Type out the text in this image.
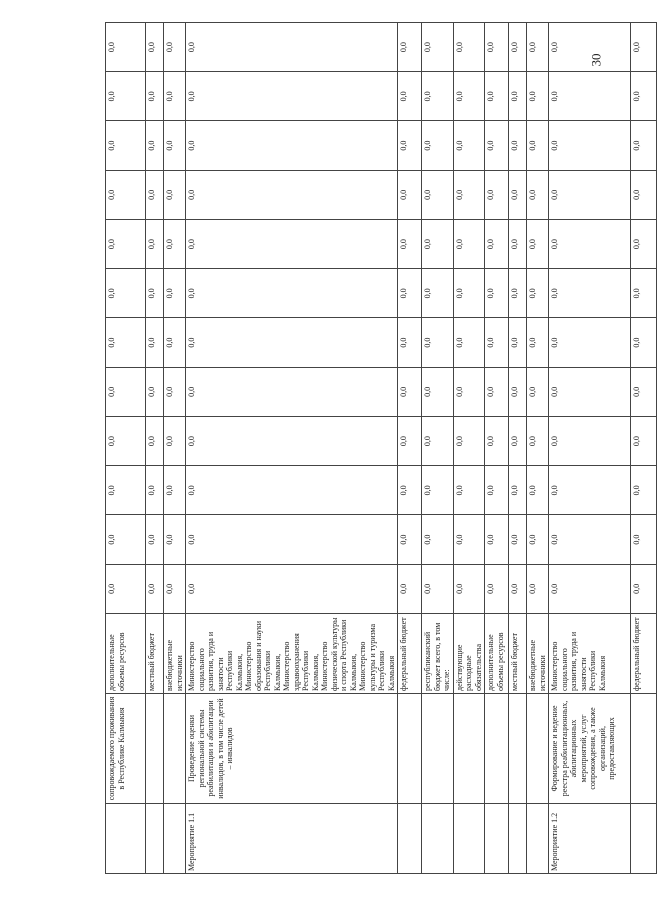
30
	сопровождаемого проживания в Республике Калмыкия	дополнительные объемы ресурсов	0,0	0,0	0,0	0,0	0,0	0,0	0,0	0,0	0,0	0,0	0,0	0,0
		местный бюджет	0,0	0,0	0,0	0,0	0,0	0,0	0,0	0,0	0,0	0,0	0,0	0,0
		внебюджетные источники	0,0	0,0	0,0	0,0	0,0	0,0	0,0	0,0	0,0	0,0	0,0	0,0
Мероприятие 1.1	Проведение оценки региональной системы реабилитации и абилитации инвалидов, в том числе детей – инвалидов	Министерство социального развития, труда и занятости Республики Калмыкия, Министерство образования и науки Республики Калмыкия, Министерство здравоохранения Республики Калмыкия, Министерство физической культуры и спорта Республики Калмыкия, Министерство культуры и туризма Республики Калмыкия	0,0	0,0	0,0	0,0	0,0	0,0	0,0	0,0	0,0	0,0	0,0	0,0
		федеральный бюджет	0,0	0,0	0,0	0,0	0,0	0,0	0,0	0,0	0,0	0,0	0,0	0,0
		республиканский бюджет всего, в том числе:	0,0	0,0	0,0	0,0	0,0	0,0	0,0	0,0	0,0	0,0	0,0	0,0
		действующие расходные обязательства	0,0	0,0	0,0	0,0	0,0	0,0	0,0	0,0	0,0	0,0	0,0	0,0
		дополнительные объемы ресурсов	0,0	0,0	0,0	0,0	0,0	0,0	0,0	0,0	0,0	0,0	0,0	0,0
		местный бюджет	0,0	0,0	0,0	0,0	0,0	0,0	0,0	0,0	0,0	0,0	0,0	0,0
		внебюджетные источники	0,0	0,0	0,0	0,0	0,0	0,0	0,0	0,0	0,0	0,0	0,0	0,0
Мероприятие 1.2	Формирование и ведение реестра реабилитационных, абилитационных мероприятий, услуг сопровождения, а также организаций, предоставляющих	Министерство социального развития, труда и занятости Республики Калмыкия	0,0	0,0	0,0	0,0	0,0	0,0	0,0	0,0	0,0	0,0	0,0	0,0
		федеральный бюджет	0,0	0,0	0,0	0,0	0,0	0,0	0,0	0,0	0,0	0,0	0,0	0,0
